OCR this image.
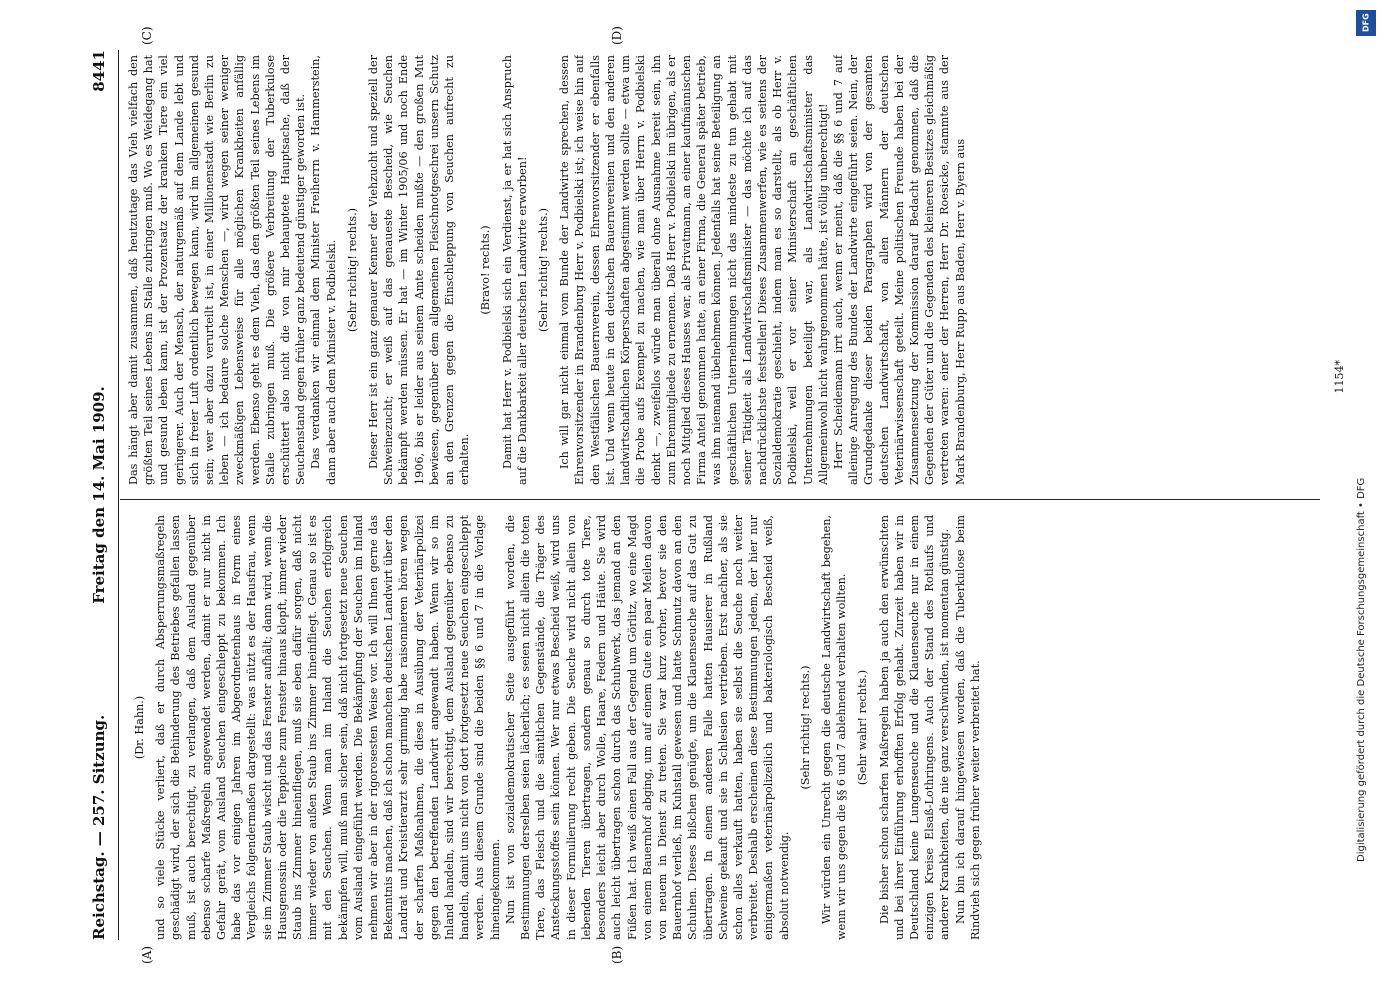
Reichstag. — 257. Sitzung.
Freitag den 14. Mai 1909.
8441
(A)	(B)
(C)	(D)

(Dr. Hahn.) und so viele Stücke verliert, daß er durch Absperrungsmaßregeln geschädigt wird, der sich die Behinderung des Betriebes gefallen lassen muß, ist auch berechtigt, zu verlangen, daß dem Ausland gegenüber ebenso scharfe Maßregeln angewendet werden, damit er nur nicht in Gefahr gerät, vom Ausland Seuchen eingeschleppt zu bekommen. Ich habe das vor einigen Jahren im Abgeordnetenhaus in Form eines Vergleichs folgendermaßen dargestellt: was nützt es der Hausfrau, wenn sie im Zimmer Staub wischt und das Fenster aufhält; dann wird, wenn die Hausgenossin oder die Teppiche zum Fenster hinaus klopft, immer wieder Staub ins Zimmer hineinfliegen, muß sie eben dafür sorgen, daß nicht immer wieder von außen Staub ins Zimmer hineinfliegt. Genau so ist es mit den Seuchen. Wenn man im Inland die Seuchen erfolgreich bekämpfen will, muß man sicher sein, daß nicht fortgesetzt neue Seuchen vom Ausland eingeführt werden. Die Bekämpfung der Seuchen im Inland nehmen wir aber in der rigorosesten Weise vor. Ich will Ihnen gerne das Bekenntnis machen, daß ich schon manchen deutschen Landwirt über den Landrat und Kreistierarzt sehr grimmig habe raisonnieren hören wegen der scharfen Maßnahmen, die diese in Ausübung der Veterinärpolizei gegen den betreffenden Landwirt angewandt haben. Wenn wir so im Inland handeln, sind wir berechtigt, dem Ausland gegenüber ebenso zu handeln, damit uns nicht von dort fortgesetzt neue Seuchen eingeschleppt werden. Aus diesem Grunde sind die beiden §§ 6 und 7 in die Vorlage hineingekommen. Nun ist von sozialdemokratischer Seite ausgeführt worden, die Bestimmungen derselben seien lächerlich; es seien nicht allein die toten Tiere, das Fleisch und die sämtlichen Gegenstände, die Träger des Ansteckungsstoffes sein können. Wer nur etwas Bescheid weiß, wird uns in dieser Formulierung recht geben. Die Seuche wird nicht allein von lebenden Tieren übertragen, sondern genau so durch tote Tiere, besonders leicht aber durch Wolle, Haare, Federn und Häute. Sie wird auch leicht übertragen schon durch das Schuhwerk, das jemand an den Füßen hat. Ich weiß einen Fall aus der Gegend um Görlitz, wo eine Magd von einem Bauernhof abging, um auf einem Gute ein paar Meilen davon von neuem in Dienst zu treten. Sie war kurz vorher, bevor sie den Bauernhof verließ, im Kuhstall gewesen und hatte Schmutz davon an den Schuhen. Dieses bißchen genügte, um die Klauenseuche auf das Gut zu übertragen. In einem anderen Falle hatten Hausierer in Rußland Schweine gekauft und sie in Schlesien vertrieben. Erst nachher, als sie schon alles verkauft hatten, haben sie selbst die Seuche noch weiter verbreitet. Deshalb erscheinen diese Bestimmungen jedem, der hier nur einigermaßen veterinärpolizeilich und bakteriologisch Bescheid weiß, absolut notwendig.

(Sehr richtig! rechts.) Wir würden ein Unrecht gegen die deutsche Landwirtschaft begehen, wenn wir uns gegen die §§ 6 und 7 ablehnend verhalten wollten. (Sehr wahr! rechts.) Die bisher schon scharfen Maßregeln haben ja auch den erwünschten und bei ihrer Einführung erhofften Erfolg gehabt. Zurzeit haben wir in Deutschland keine Lungenseuche und die Klauenseuche nur in einem einzigen Kreise Elsaß-Lothringens. Auch der Stand des Rotlaufs und anderer Krankheiten, die nie ganz verschwinden, ist momentan günstig. Nun bin ich darauf hingewiesen worden, daß die Tuberkulose beim Rindvieh sich gegen früher weiter verbreitet hat.

Das hängt aber damit zusammen, daß heutzutage das Vieh vielfach den größten Teil seines Lebens im Stalle zubringen muß. Wo es Weidegang hat und gesund leben kann, ist der Prozentsatz der kranken Tiere ein viel geringerer. Auch der Mensch, der naturgemäß auf dem Lande lebt und sich in freier Luft ordentlich bewegen kann, wird im allgemeinen gesund sein; wer aber dazu verurteilt ist, in einer Millionenstadt wie Berlin zu leben — ich bedaure solche Menschen —, wird wegen seiner weniger zweckmäßigen Lebensweise für alle möglichen Krankheiten anfällig werden. Ebenso geht es dem Vieh, das den größten Teil seines Lebens im Stalle zubringen muß. Die größere Verbreitung der Tuberkulose erschüttert also nicht die von mir behauptete Hauptsache, daß der Seuchenstand gegen früher ganz bedeutend günstiger geworden ist. Das verdanken wir einmal dem Minister Freiherrn v. Hammerstein, dann aber auch dem Minister v. Podbielski. (Sehr richtig! rechts.) Dieser Herr ist ein ganz genauer Kenner der Viehzucht und speziell der Schweinezucht; er weiß auf das genaueste Bescheid, wie Seuchen bekämpft werden müssen. Er hat — im Winter 1905/06 und noch Ende 1906, bis er leider aus seinem Amte scheiden mußte — den großen Mut bewiesen, gegenüber dem allgemeinen Fleischnotgeschrei unsern Schutz an den Grenzen gegen die Einschleppung von Seuchen aufrecht zu erhalten.

(Bravo! rechts.) Damit hat Herr v. Podbielski sich ein Verdienst, ja er hat sich Anspruch auf die Dankbarkeit aller deutschen Landwirte erworben! (Sehr richtig! rechts.) Ich will gar nicht einmal vom Bunde der Landwirte sprechen, dessen Ehrenvorsitzender in Brandenburg Herr v. Podbielski ist; ich weise hin auf den Westfälischen Bauernverein, dessen Ehrenvorsitzender er ebenfalls ist. Und wenn heute in den deutschen Bauernvereinen und den anderen landwirtschaftlichen Körperschaften abgestimmt werden sollte — etwa um die Probe aufs Exempel zu machen, wie man über Herrn v. Podbielski denkt —, zweifellos würde man überall ohne Ausnahme bereit sein, ihn zum Ehrenmitgliede zu ernennen. Daß Herr v. Podbielski im übrigen, als er noch Mitglied dieses Hauses war, als Privatmann, an einer kaufmännischen Firma Anteil genommen hatte, an einer Firma, die General später betrieb, was ihm niemand übelnehmen können. Jedenfalls hat seine Beteiligung an geschäftlichen Unternehmungen nicht das mindeste zu tun gehabt mit seiner Tätigkeit als Landwirtschaftsminister — das möchte ich auf das nachdrücklichste feststellen! Dieses Zusammenwerfen, wie es seitens der Sozialdemokratie geschieht, indem man es so darstellt, als ob Herr v. Podbielski, weil er vor seiner Ministerschaft an geschäftlichen Unternehmungen beteiligt war, als Landwirtschaftsminister das Allgemeinwohl nicht wahrgenommen hätte, ist völlig unberechtigt! Herr Scheidemann irrt auch, wenn er meint, daß die §§ 6 und 7 auf alleinige Anregung des Bundes der Landwirte eingeführt seien. Nein, der Grundgedanke dieser beiden Paragraphen wird von der gesamten deutschen Landwirtschaft, von allen Männern der deutschen Veterinärwissenschaft geteilt. Meine politischen Freunde haben bei der Zusammensetzung der Kommission darauf Bedacht genommen, daß die Gegenden der Güter und die Gegenden des kleineren Besitzes gleichmäßig vertreten waren: einer der Herren, Herr Dr. Roesicke, stammte aus der Mark Brandenburg, Herr Rupp aus Baden, Herr v. Byern aus	1154*
DFG
Digitalisierung gefördert durch die Deutsche Forschungsgemeinschaft • DFG
